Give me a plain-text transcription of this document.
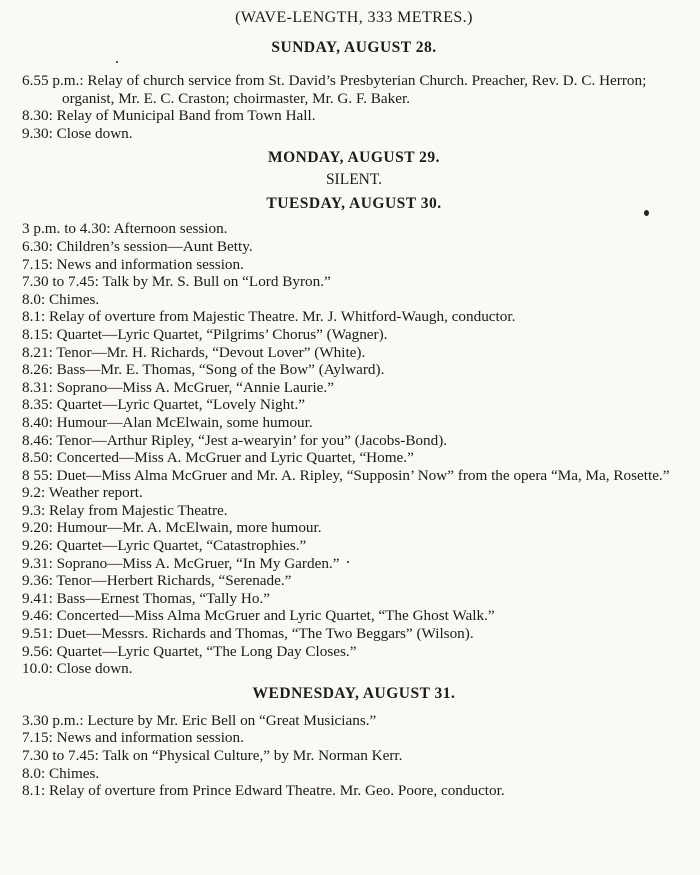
(WAVE-LENGTH, 333 METRES.)
SUNDAY, AUGUST 28.
6.55 p.m.: Relay of church service from St. David’s Presbyterian Church. Preacher, Rev. D. C. Herron; organist, Mr. E. C. Craston; choirmaster, Mr. G. F. Baker.
8.30: Relay of Municipal Band from Town Hall.
9.30: Close down.
MONDAY, AUGUST 29.
SILENT.
TUESDAY, AUGUST 30.
3 p.m. to 4.30: Afternoon session.
6.30: Children’s session—Aunt Betty.
7.15: News and information session.
7.30 to 7.45: Talk by Mr. S. Bull on “Lord Byron.”
8.0: Chimes.
8.1: Relay of overture from Majestic Theatre. Mr. J. Whitford-Waugh, conductor.
8.15: Quartet—Lyric Quartet, “Pilgrims’ Chorus” (Wagner).
8.21: Tenor—Mr. H. Richards, “Devout Lover” (White).
8.26: Bass—Mr. E. Thomas, “Song of the Bow” (Aylward).
8.31: Soprano—Miss A. McGruer, “Annie Laurie.”
8.35: Quartet—Lyric Quartet, “Lovely Night.”
8.40: Humour—Alan McElwain, some humour.
8.46: Tenor—Arthur Ripley, “Jest a-wearyin’ for you” (Jacobs-Bond).
8.50: Concerted—Miss A. McGruer and Lyric Quartet, “Home.”
8 55: Duet—Miss Alma McGruer and Mr. A. Ripley, “Supposin’ Now” from the opera “Ma, Ma, Rosette.”
9.2: Weather report.
9.3: Relay from Majestic Theatre.
9.20: Humour—Mr. A. McElwain, more humour.
9.26: Quartet—Lyric Quartet, “Catastrophies.”
9.31: Soprano—Miss A. McGruer, “In My Garden.”
9.36: Tenor—Herbert Richards, “Serenade.”
9.41: Bass—Ernest Thomas, “Tally Ho.”
9.46: Concerted—Miss Alma McGruer and Lyric Quartet, “The Ghost Walk.”
9.51: Duet—Messrs. Richards and Thomas, “The Two Beggars” (Wilson).
9.56: Quartet—Lyric Quartet, “The Long Day Closes.”
10.0: Close down.
WEDNESDAY, AUGUST 31.
3.30 p.m.: Lecture by Mr. Eric Bell on “Great Musicians.”
7.15: News and information session.
7.30 to 7.45: Talk on “Physical Culture,” by Mr. Norman Kerr.
8.0: Chimes.
8.1: Relay of overture from Prince Edward Theatre. Mr. Geo. Poore, conductor.
